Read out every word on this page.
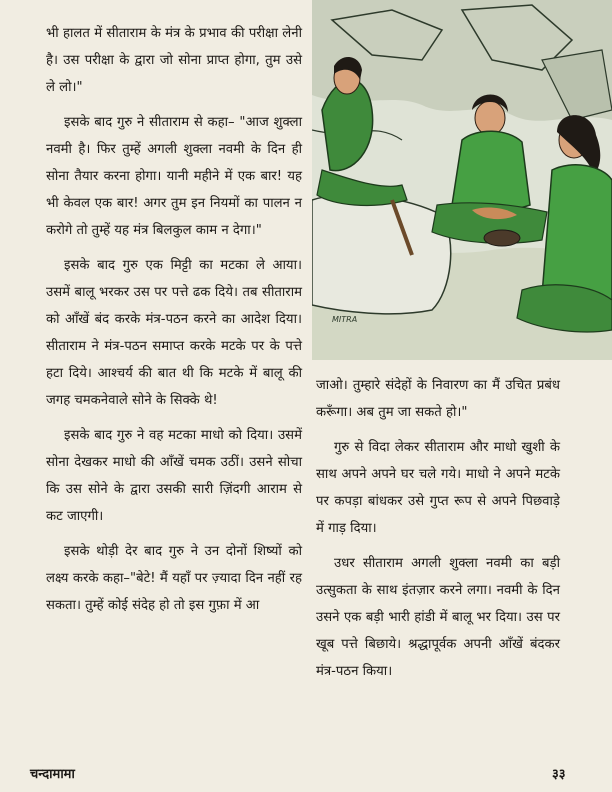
भी हालत में सीताराम के मंत्र के प्रभाव की परीक्षा लेनी है। उस परीक्षा के द्वारा जो सोना प्राप्त होगा, तुम उसे ले लो।"

इसके बाद गुरु ने सीताराम से कहा– "आज शुक्ला नवमी है। फिर तुम्हें अगली शुक्ला नवमी के दिन ही सोना तैयार करना होगा। यानी महीने में एक बार! यह भी केवल एक बार! अगर तुम इन नियमों का पालन न करोगे तो तुम्हें यह मंत्र बिलकुल काम न देगा।"

इसके बाद गुरु एक मिट्टी का मटका ले आया। उसमें बालू भरकर उस पर पत्ते ढक दिये। तब सीताराम को आँखें बंद करके मंत्र-पठन करने का आदेश दिया। सीताराम ने मंत्र-पठन समाप्त करके मटके पर के पत्ते हटा दिये। आश्चर्य की बात थी कि मटके में बालू की जगह चमकनेवाले सोने के सिक्के थे!

इसके बाद गुरु ने वह मटका माधो को दिया। उसमें सोना देखकर माधो की आँखें चमक उठीं। उसने सोचा कि उस सोने के द्वारा उसकी सारी ज़िंदगी आराम से कट जाएगी।

इसके थोड़ी देर बाद गुरु ने उन दोनों शिष्यों को लक्ष्य करके कहा–"बेटे! मैं यहाँ पर ज़्यादा दिन नहीं रह सकता। तुम्हें कोई संदेह हो तो इस गुफ़ा में आ

MITRA

जाओ। तुम्हारे संदेहों के निवारण का मैं उचित प्रबंध करूँगा। अब तुम जा सकते हो।"

गुरु से विदा लेकर सीताराम और माधो खुशी के साथ अपने अपने घर चले गये। माधो ने अपने मटके पर कपड़ा बांधकर उसे गुप्त रूप से अपने पिछवाड़े में गाड़ दिया।

उधर सीताराम अगली शुक्ला नवमी का बड़ी उत्सुकता के साथ इंतज़ार करने लगा। नवमी के दिन उसने एक बड़ी भारी हांडी में बालू भर दिया। उस पर खूब पत्ते बिछाये। श्रद्धापूर्वक अपनी आँखें बंदकर मंत्र-पठन किया।

चन्दामामा	३३
